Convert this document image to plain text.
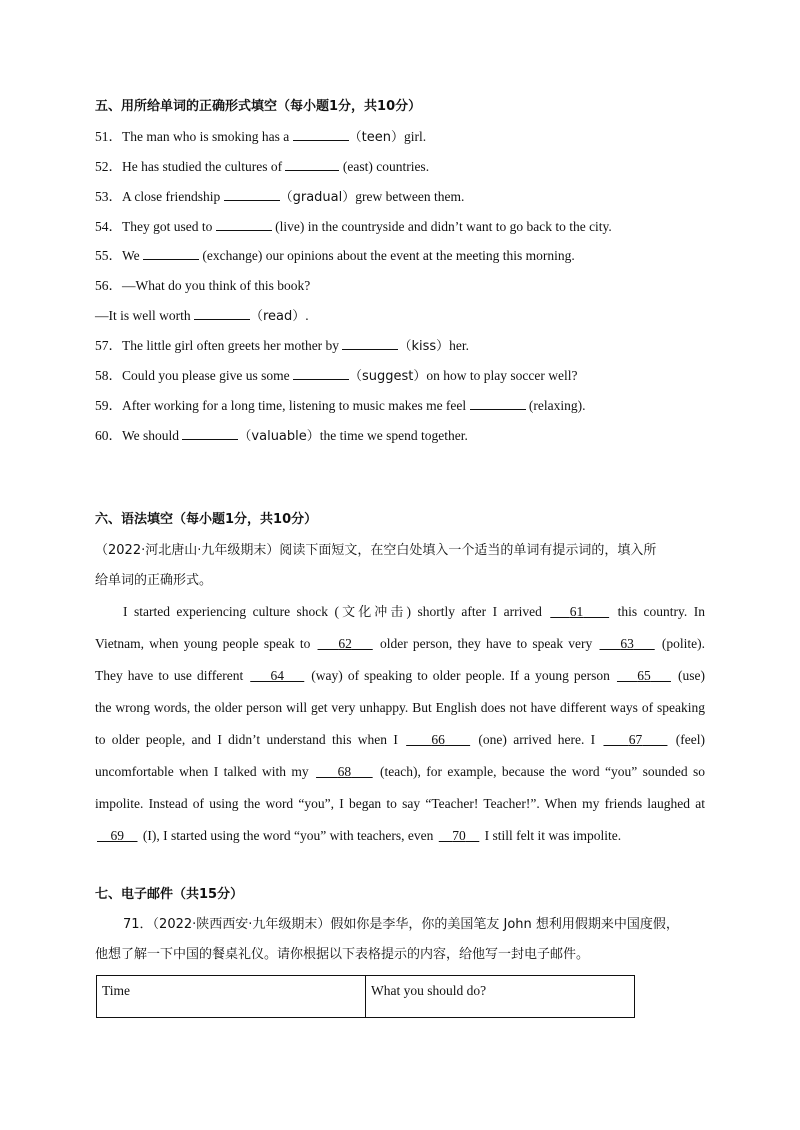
五、用所给单词的正确形式填空（每小题1分，共10分）
51．The man who is smoking has a	（teen）girl.
52．He has studied the cultures of	(east) countries.
53．A close friendship	（gradual）grew between them.
54．They got used to	(live) in the countryside and didn’t want to go back to the city.
55．We	(exchange) our opinions about the event at the meeting this morning.
56．—What do you think of this book?
—It is well worth	（read）.
57．The little girl often greets her mother by	（kiss）her.
58．Could you please give us some	（suggest）on how to play soccer well?
59．After working for a long time, listening to music makes me feel	(relaxing).
60．We should	（valuable）the time we spend together.
六、语法填空（每小题1分，共10分）
（2022·河北唐山·九年级期末）阅读下面短文，在空白处填入一个适当的单词有提示词的，填入所
给单词的正确形式。
I started experiencing culture shock (文化冲击) shortly after I arrived    61     this country. In
Vietnam, when young people speak to     62     older person, they have to speak very     63     (polite).
They have to use different     64     (way) of speaking to older people. If a young person     65     (use)
the wrong words, the older person will get very unhappy. But English does not have different ways of speaking
to older people, and I didn’t understand this when I     66     (one) arrived here. I     67     (feel)
uncomfortable when I talked with my     68     (teach), for example, because the word “you” sounded so
impolite. Instead of using the word “you”, I began to say “Teacher! Teacher!”. When my friends laughed at
69     (I), I started using the word “you” with teachers, even     70     I still felt it was impolite.
七、电子邮件（共15分）
71．（2022·陕西西安·九年级期末）假如你是李华，你的美国笔友 John 想利用假期来中国度假，
他想了解一下中国的餐桌礼仪。请你根据以下表格提示的内容，给他写一封电子邮件。
Time	What you should do?
